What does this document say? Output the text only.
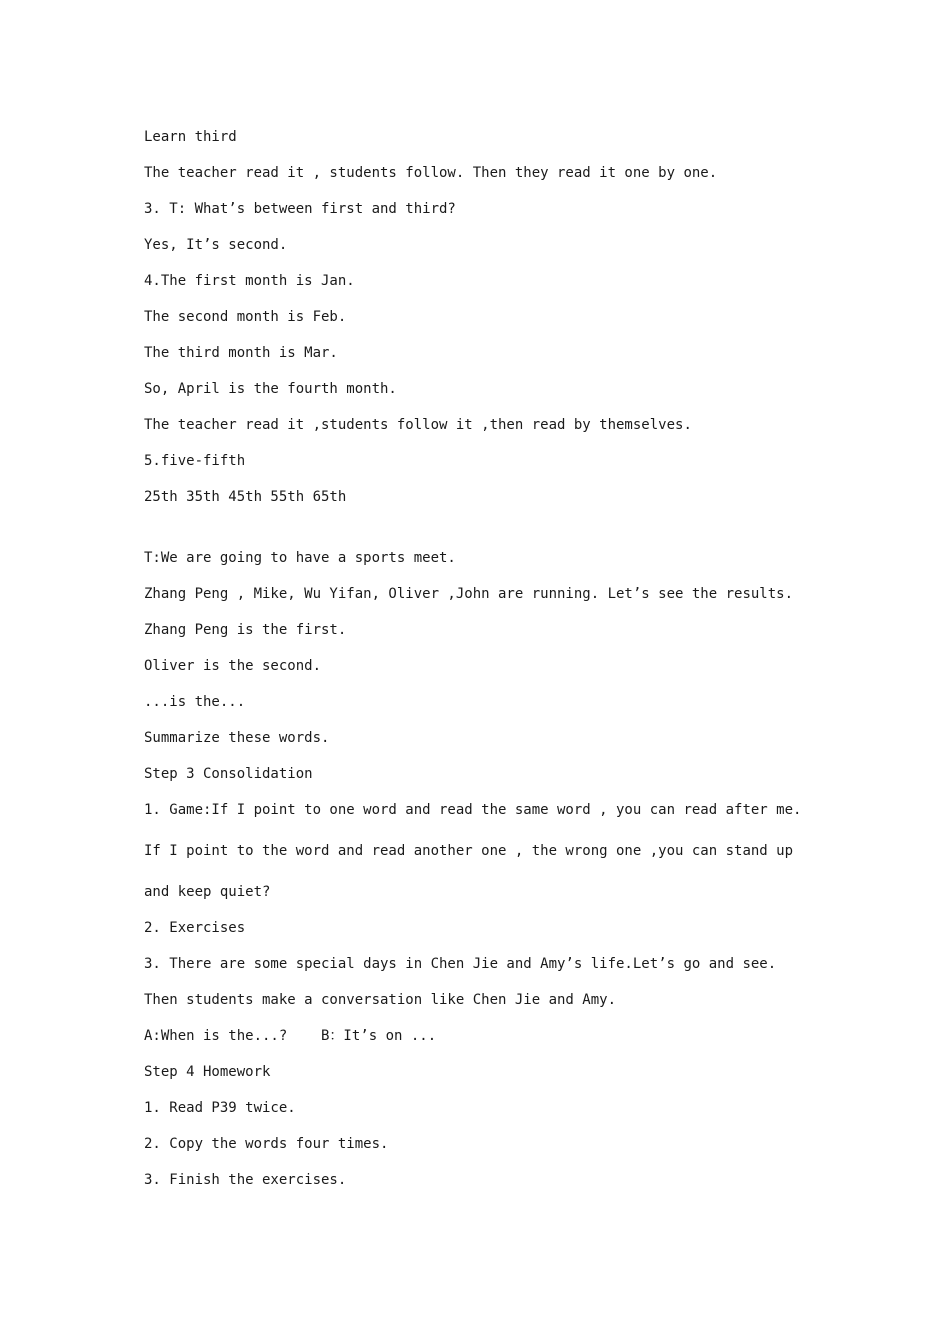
Learn third

The teacher read it , students follow. Then they read it one by one.

3. T: What’s between first and third?

Yes, It’s second.

4.The first month is Jan.

The second month is Feb.

The third month is Mar.

So, April is the fourth month.

The teacher read it ,students follow it ,then read by themselves.

5.five-fifth

25th 35th 45th 55th 65th

T:We are going to have a sports meet.

Zhang Peng , Mike, Wu Yifan, Oliver ,John are running. Let’s see the results.

Zhang Peng is the first.

Oliver is the second.

...is the...

Summarize these words.

Step 3 Consolidation

1. Game:If I point to one word and read the same word , you can read after me.

If I point to the word and read another one , the wrong one ,you can stand up

and keep quiet?

2. Exercises

3. There are some special days in Chen Jie and Amy’s life.Let’s go and see.

Then students make a conversation like Chen Jie and Amy.

A:When is the...?    B：It’s on ...

Step 4 Homework

1. Read P39 twice.

2. Copy the words four times.

3. Finish the exercises.
